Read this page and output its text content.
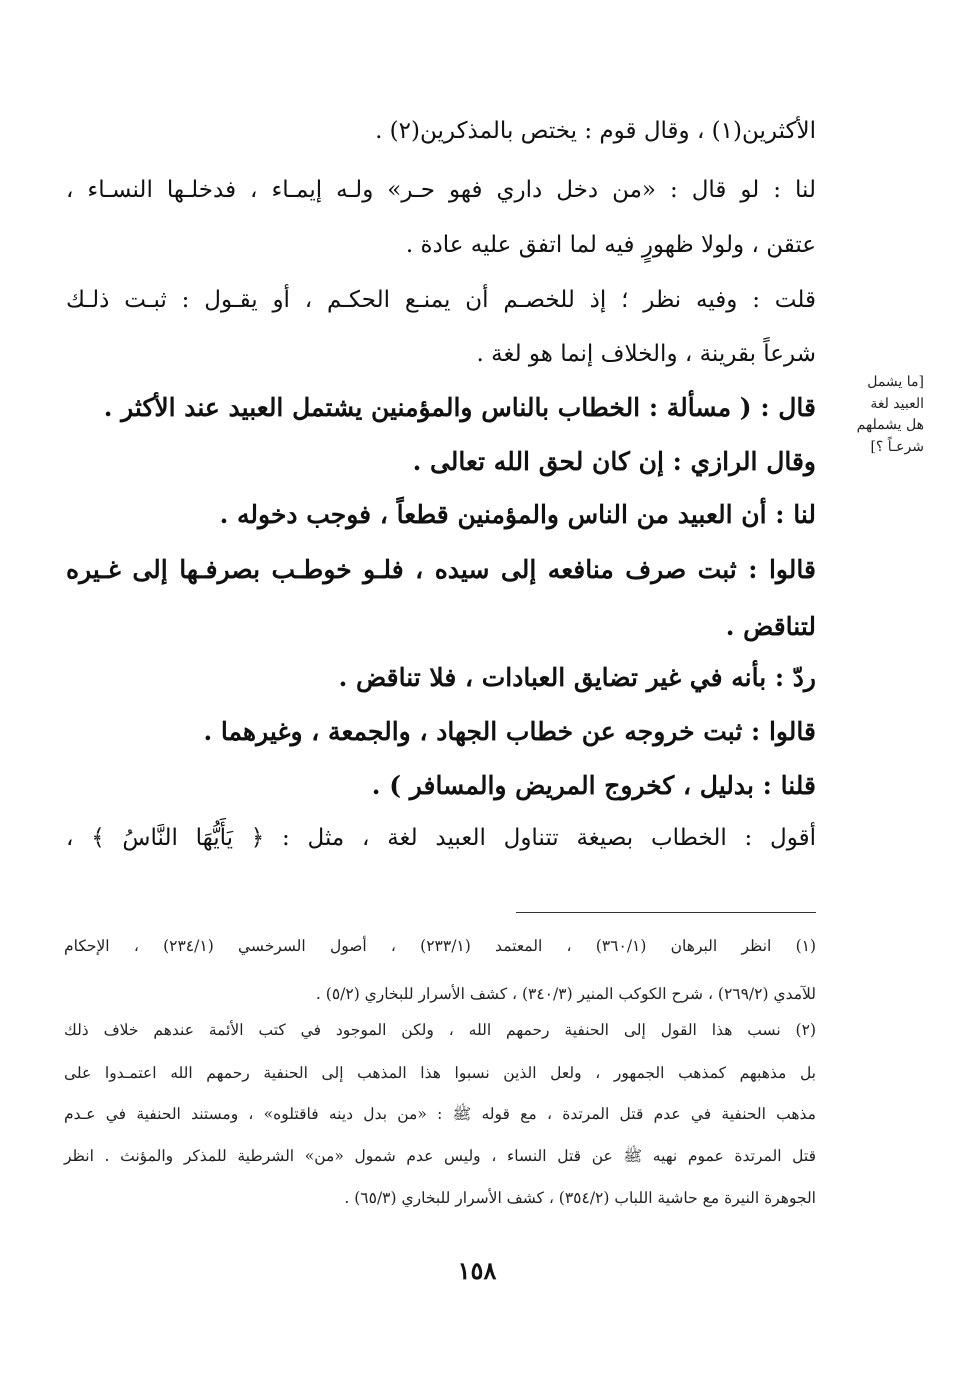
الأكثرين(١) ، وقال قوم : يختص بالمذكرين(٢) .
لنا : لو قال : «من دخل داري فهو حـر» ولـه إيمـاء ، فدخلـها النسـاء ،
عتقن ، ولولا ظهورٍ فيه لما اتفق عليه عادة .
قلت : وفيه نظر ؛ إذ للخصـم أن يمنـع الحكـم ، أو يقـول : ثبـت ذلـك
شرعاً بقرينة ، والخلاف إنما هو لغة .
قال : ( مسألة : الخطاب بالناس والمؤمنين يشتمل العبيد عند الأكثر .
وقال الرازي : إن كان لحق الله تعالى .
لنا : أن العبيد من الناس والمؤمنين قطعاً ، فوجب دخوله .
قالوا : ثبت صرف منافعه إلى سيده ، فلـو خوطـب بصرفـها إلى غـيره
لتناقض .
ردّ : بأنه في غير تضايق العبادات ، فلا تناقض .
قالوا : ثبت خروجه عن خطاب الجهاد ، والجمعة ، وغيرهما .
قلنا : بدليل ، كخروج المريض والمسافر ) .
أقول : الخطاب بصيغة تتناول العبيد لغة ، مثل : ﴿ يَأَيُّهَا النَّاسُ ﴾ ،
[ما يشمل
العبيد لغة
هل يشملهم
شرعـاً ؟]
(١) انظر البرهان (٣٦٠/١) ، المعتمد (٢٣٣/١) ، أصول السرخسي (٢٣٤/١) ، الإحكام
للآمدي (٢٦٩/٢) ، شرح الكوكب المنير (٣٤٠/٣) ، كشف الأسرار للبخاري (٥/٢) .
(٢) نسب هذا القول إلى الحنفية رحمهم الله ، ولكن الموجود في كتب الأئمة عندهم خلاف ذلك
بل مذهبهم كمذهب الجمهور ، ولعل الذين نسبوا هذا المذهب إلى الحنفية رحمهم الله اعتمـدوا على
مذهب الحنفية في عدم قتل المرتدة ، مع قوله ﷺ : «من بدل دينه فاقتلوه» ، ومستند الحنفية في عـدم
قتل المرتدة عموم نهيه ﷺ عن قتل النساء ، وليس عدم شمول «من» الشرطية للمذكر والمؤنث . انظر
الجوهرة النيرة مع حاشية اللباب (٣٥٤/٢) ، كشف الأسرار للبخاري (٦٥/٣) .
١٥٨
